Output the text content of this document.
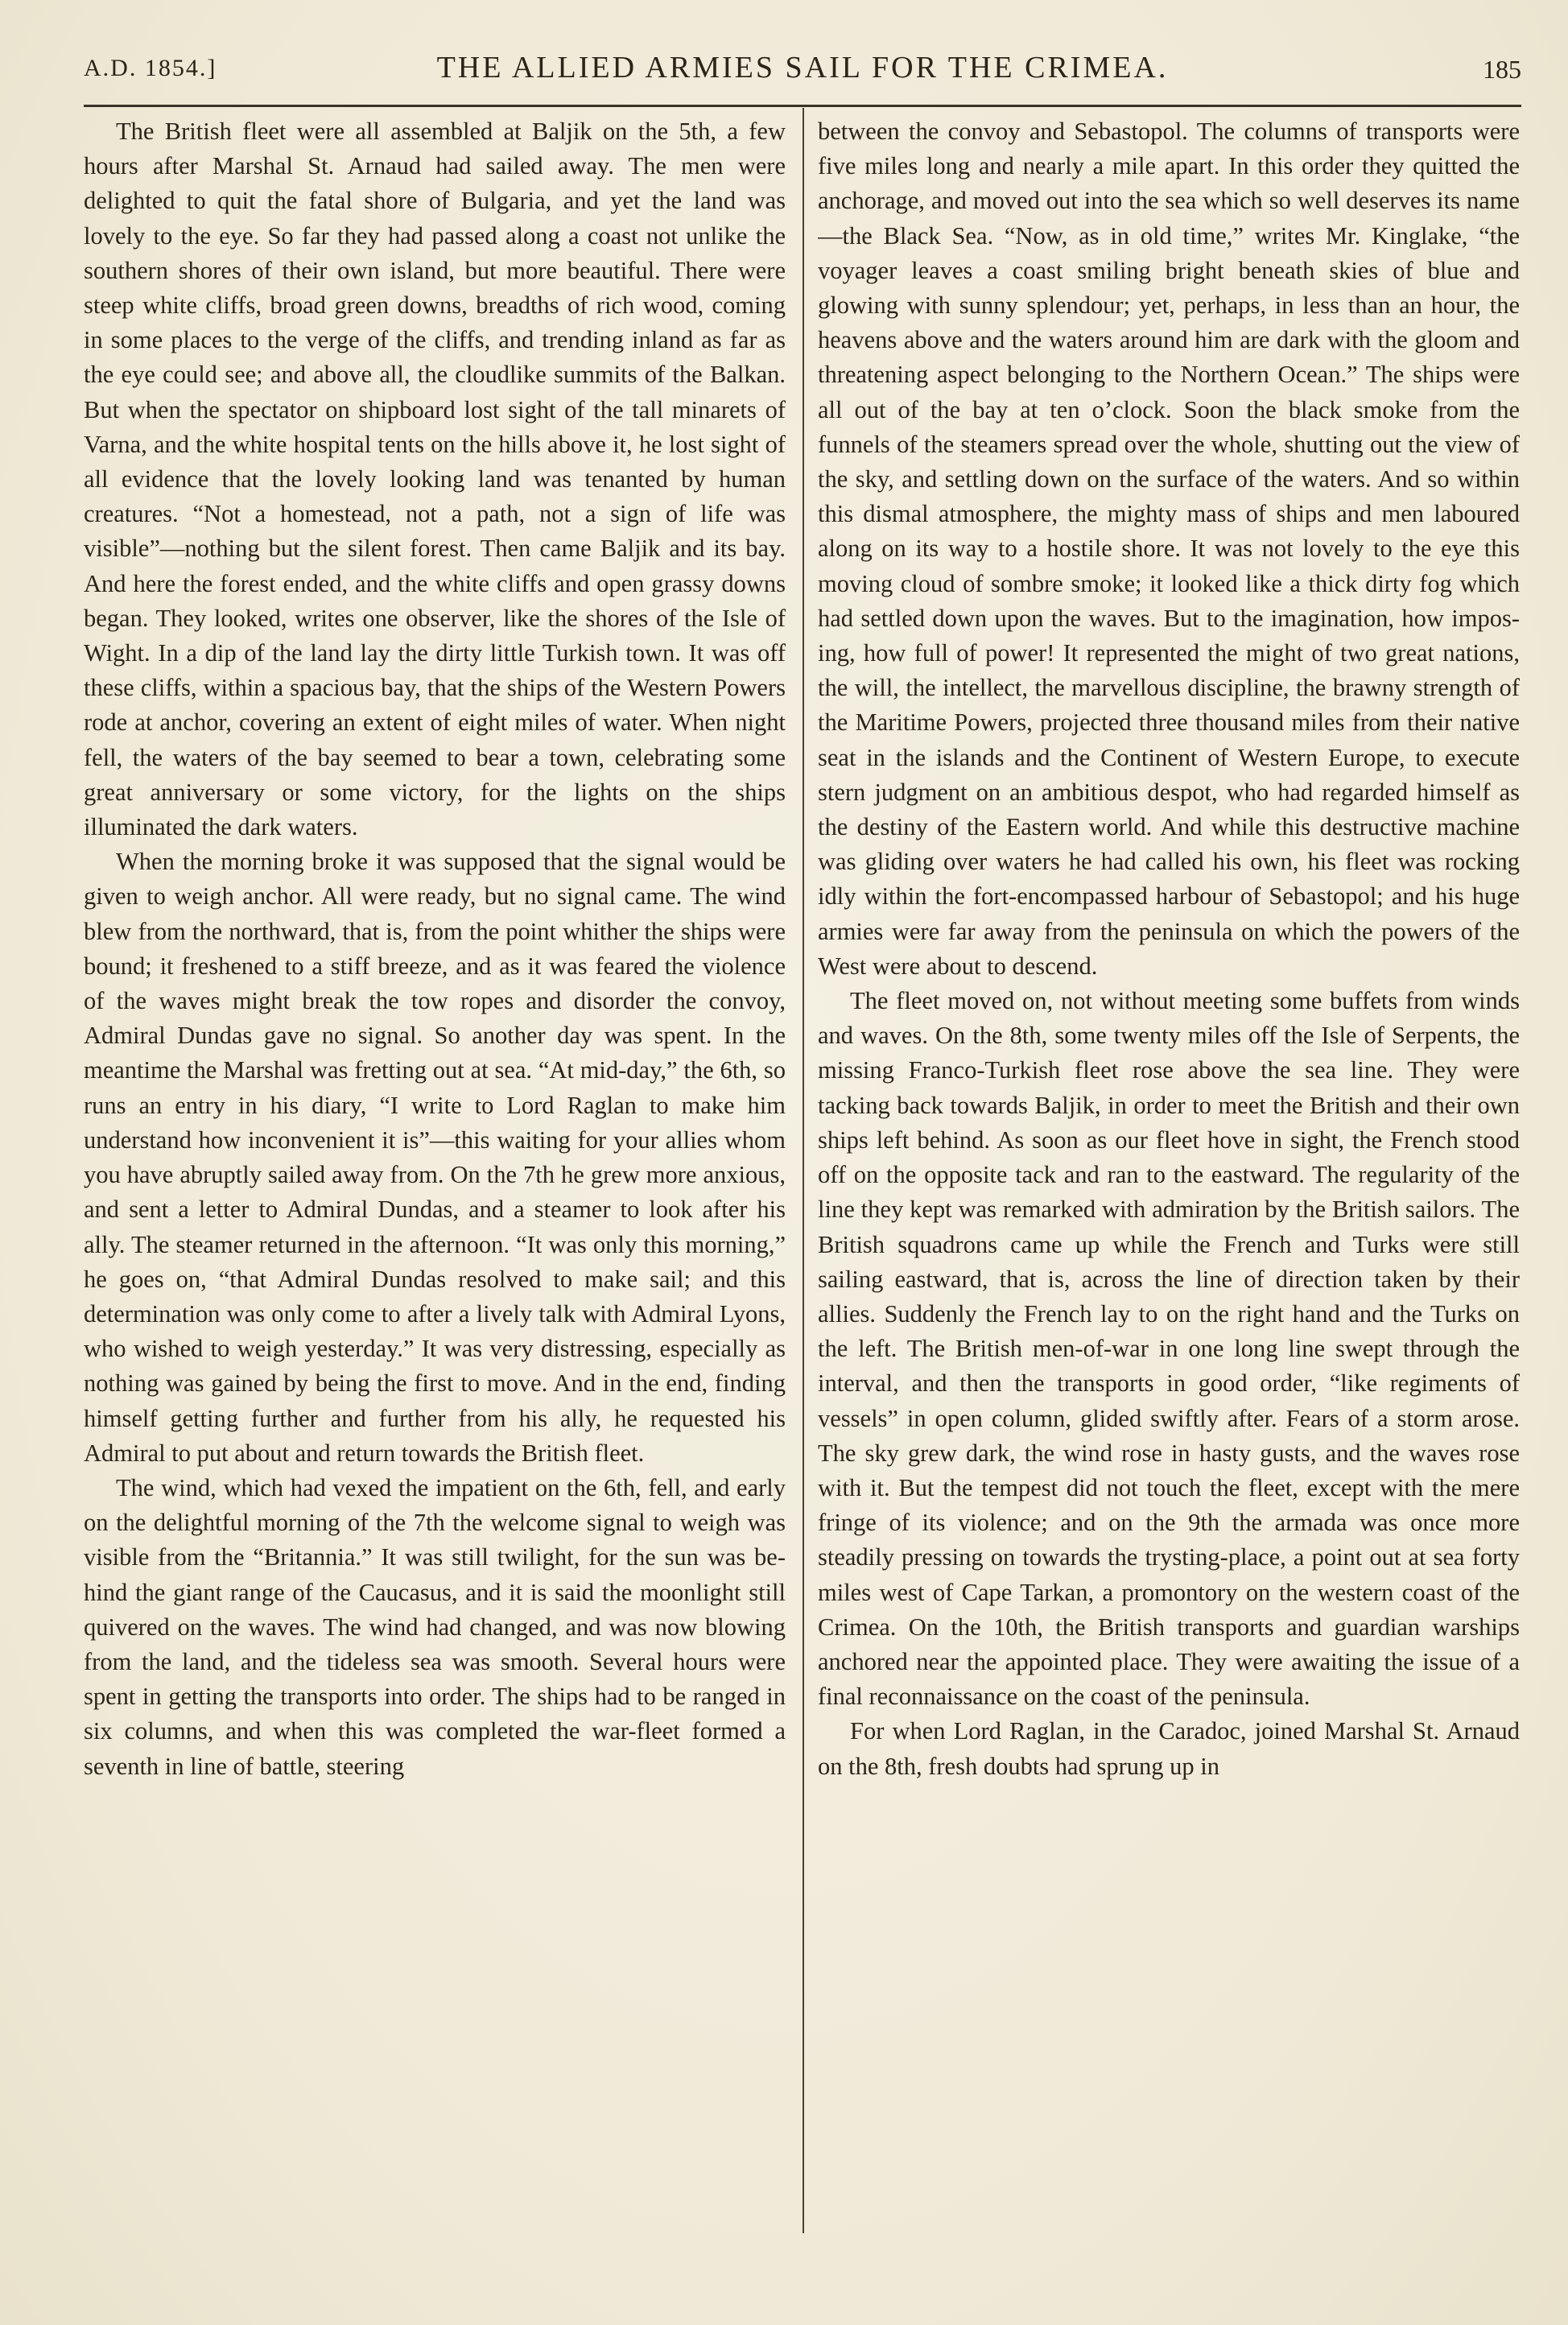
A.D. 1854.]	THE ALLIED ARMIES SAIL FOR THE CRIMEA.	185

The British fleet were all assembled at Baljik on the 5th, a few hours after Marshal St. Arnaud had sailed away. The men were delighted to quit the fatal shore of Bulgaria, and yet the land was lovely to the eye. So far they had passed along a coast not unlike the southern shores of their own island, but more beautiful. There were steep white cliffs, broad green downs, breadths of rich wood, coming in some places to the verge of the cliffs, and trending inland as far as the eye could see; and above all, the cloudlike summits of the Balkan. But when the spectator on shipboard lost sight of the tall minarets of Varna, and the white hospital tents on the hills above it, he lost sight of all evidence that the lovely looking land was tenanted by human creatures. “Not a homestead, not a path, not a sign of life was visible”—nothing but the silent forest. Then came Baljik and its bay. And here the forest ended, and the white cliffs and open grassy downs began. They looked, writes one observer, like the shores of the Isle of Wight. In a dip of the land lay the dirty little Turkish town. It was off these cliffs, within a spacious bay, that the ships of the Western Powers rode at anchor, covering an extent of eight miles of water. When night fell, the waters of the bay seemed to bear a town, celebrating some great anniversary or some victory, for the lights on the ships illuminated the dark waters.

When the morning broke it was supposed that the signal would be given to weigh anchor. All were ready, but no signal came. The wind blew from the northward, that is, from the point whither the ships were bound; it freshened to a stiff breeze, and as it was feared the violence of the waves might break the tow ropes and disorder the convoy, Admiral Dundas gave no signal. So another day was spent. In the meantime the Marshal was fretting out at sea. “At mid-day,” the 6th, so runs an entry in his diary, “I write to Lord Raglan to make him understand how inconvenient it is”—this waiting for your allies whom you have abruptly sailed away from. On the 7th he grew more anxious, and sent a letter to Admiral Dundas, and a steamer to look after his ally. The steamer returned in the afternoon. “It was only this morning,” he goes on, “that Admiral Dundas resolved to make sail; and this determination was only come to after a lively talk with Admiral Lyons, who wished to weigh yesterday.” It was very distressing, especially as nothing was gained by being the first to move. And in the end, finding himself getting further and further from his ally, he requested his Admiral to put about and return towards the British fleet.

The wind, which had vexed the impatient on the 6th, fell, and early on the delightful morning of the 7th the welcome signal to weigh was visible from the “Britannia.” It was still twilight, for the sun was behind the giant range of the Caucasus, and it is said the moonlight still quivered on the waves. The wind had changed, and was now blowing from the land, and the tideless sea was smooth. Several hours were spent in getting the transports into order. The ships had to be ranged in six columns, and when this was completed the war-fleet formed a seventh in line of battle, steering

between the convoy and Sebastopol. The columns of transports were five miles long and nearly a mile apart. In this order they quitted the anchorage, and moved out into the sea which so well deserves its name—the Black Sea. “Now, as in old time,” writes Mr. Kinglake, “the voyager leaves a coast smiling bright beneath skies of blue and glowing with sunny splendour; yet, perhaps, in less than an hour, the heavens above and the waters around him are dark with the gloom and threatening aspect belonging to the Northern Ocean.” The ships were all out of the bay at ten o’clock. Soon the black smoke from the funnels of the steamers spread over the whole, shutting out the view of the sky, and settling down on the surface of the waters. And so within this dismal atmosphere, the mighty mass of ships and men laboured along on its way to a hostile shore. It was not lovely to the eye this moving cloud of sombre smoke; it looked like a thick dirty fog which had settled down upon the waves. But to the imagination, how imposing, how full of power! It represented the might of two great nations, the will, the intellect, the marvellous discipline, the brawny strength of the Maritime Powers, projected three thousand miles from their native seat in the islands and the Continent of Western Europe, to execute stern judgment on an ambitious despot, who had regarded himself as the destiny of the Eastern world. And while this destructive machine was gliding over waters he had called his own, his fleet was rocking idly within the fort-encompassed harbour of Sebastopol; and his huge armies were far away from the peninsula on which the powers of the West were about to descend.

The fleet moved on, not without meeting some buffets from winds and waves. On the 8th, some twenty miles off the Isle of Serpents, the missing Franco-Turkish fleet rose above the sea line. They were tacking back towards Baljik, in order to meet the British and their own ships left behind. As soon as our fleet hove in sight, the French stood off on the opposite tack and ran to the eastward. The regularity of the line they kept was remarked with admiration by the British sailors. The British squadrons came up while the French and Turks were still sailing eastward, that is, across the line of direction taken by their allies. Suddenly the French lay to on the right hand and the Turks on the left. The British men-of-war in one long line swept through the interval, and then the transports in good order, “like regiments of vessels” in open column, glided swiftly after. Fears of a storm arose. The sky grew dark, the wind rose in hasty gusts, and the waves rose with it. But the tempest did not touch the fleet, except with the mere fringe of its violence; and on the 9th the armada was once more steadily pressing on towards the trysting-place, a point out at sea forty miles west of Cape Tarkan, a promontory on the western coast of the Crimea. On the 10th, the British transports and guardian warships anchored near the appointed place. They were awaiting the issue of a final reconnaissance on the coast of the peninsula.

For when Lord Raglan, in the Caradoc, joined Marshal St. Arnaud on the 8th, fresh doubts had sprung up in
